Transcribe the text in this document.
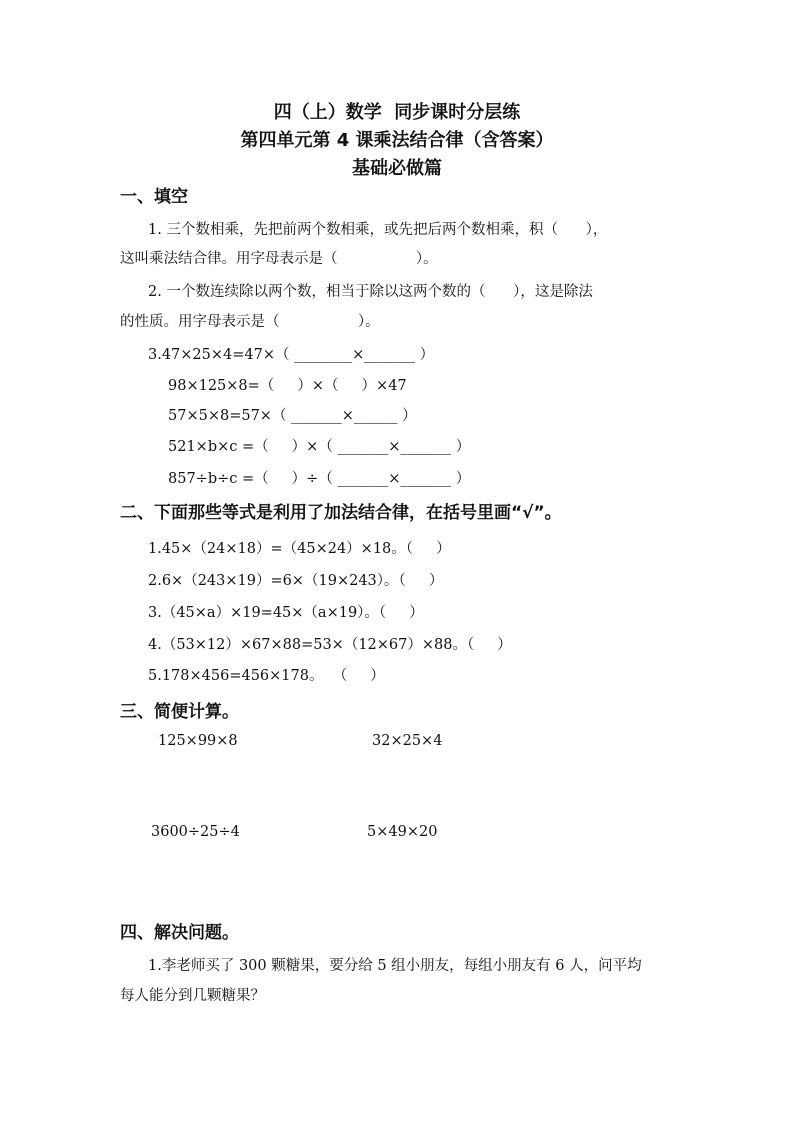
四（上）数学  同步课时分层练
第四单元第 4 课乘法结合律（含答案）
基础必做篇
一、填空
1. 三个数相乘，先把前两个数相乘，或先把后两个数相乘，积（      ），
这叫乘法结合律。用字母表示是（                 ）。
2. 一个数连续除以两个数，相当于除以这两个数的（      ），这是除法
的性质。用字母表示是（                 ）。
3.47×25×4=47×（ ________×_______ ）
98×125×8=（     ）×（     ）×47
57×5×8=57×（ _______×______ ）
521×b×c =（     ）×（ _______×_______ ）
857÷b÷c =（     ）÷（ _______×_______ ）
二、下面那些等式是利用了加法结合律，在括号里画“√”。
1.45×（24×18）=（45×24）×18。（     ）
2.6×（243×19）=6×（19×243）。（     ）
3.（45×a）×19=45×（a×19）。（     ）
4.（53×12）×67×88=53×（12×67）×88。（     ）
5.178×456=456×178。  （     ）
三、简便计算。
125×99×8	32×25×4
3600÷25÷4	5×49×20
四、解决问题。
1.李老师买了 300 颗糖果，要分给 5 组小朋友，每组小朋友有 6 人，问平均
每人能分到几颗糖果？
